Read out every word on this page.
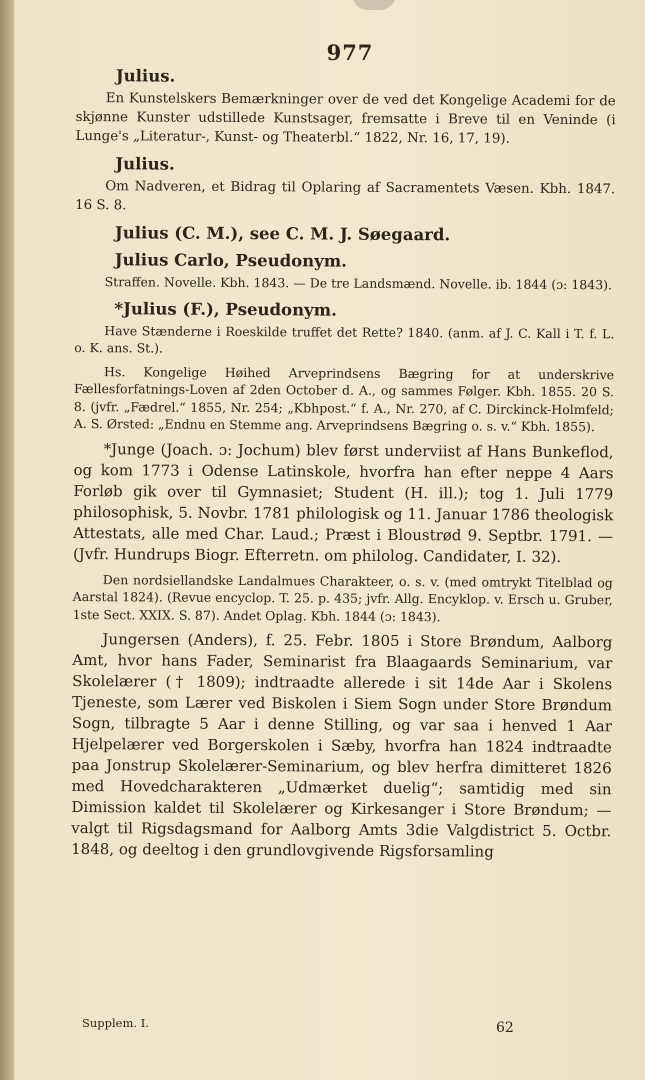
977
Julius.
En Kunstelskers Bemærkninger over de ved det Kongelige Academi for de skjønne Kunster udstillede Kunstsager, fremsatte i Breve til en Veninde (i Lunge's „Literatur-, Kunst- og Theaterbl.“ 1822, Nr. 16, 17, 19).
Julius.
Om Nadveren, et Bidrag til Oplaring af Sacramentets Væsen. Kbh. 1847. 16 S. 8.
Julius (C. M.), see C. M. J. Søegaard.
Julius Carlo, Pseudonym.
Straffen. Novelle. Kbh. 1843. — De tre Landsmænd. Novelle. ib. 1844 (ɔ: 1843).
*Julius (F.), Pseudonym.
Have Stænderne i Roeskilde truffet det Rette? 1840. (anm. af J. C. Kall i T. f. L. o. K. ans. St.).
Hs. Kongelige Høihed Arveprindsens Bægring for at underskrive Fællesforfatnings-Loven af 2den October d. A., og sammes Følger. Kbh. 1855. 20 S. 8. (jvfr. „Fædrel.“ 1855, Nr. 254; „Kbhpost.“ f. A., Nr. 270, af C. Dirckinck-Holmfeld; A. S. Ørsted: „Endnu en Stemme ang. Arveprindsens Bægring o. s. v.“ Kbh. 1855).
*Junge (Joach. ɔ: Jochum) blev først underviist af Hans Bunkeflod, og kom 1773 i Odense Latinskole, hvorfra han efter neppe 4 Aars Forløb gik over til Gymnasiet; Student (H. ill.); tog 1. Juli 1779 philosophisk, 5. Novbr. 1781 philologisk og 11. Januar 1786 theologisk Attestats, alle med Char. Laud.; Præst i Bloustrød 9. Septbr. 1791. — (Jvfr. Hundrups Biogr. Efterretn. om philolog. Candidater, I. 32).
Den nordsiellandske Landalmues Charakteer, o. s. v. (med omtrykt Titelblad og Aarstal 1824). (Revue encyclop. T. 25. p. 435; jvfr. Allg. Encyklop. v. Ersch u. Gruber, 1ste Sect. XXIX. S. 87). Andet Oplag. Kbh. 1844 (ɔ: 1843).
Jungersen (Anders), f. 25. Febr. 1805 i Store Brøndum, Aalborg Amt, hvor hans Fader, Seminarist fra Blaagaards Seminarium, var Skolelærer († 1809); indtraadte allerede i sit 14de Aar i Skolens Tjeneste, som Lærer ved Biskolen i Siem Sogn under Store Brøndum Sogn, tilbragte 5 Aar i denne Stilling, og var saa i henved 1 Aar Hjelpelærer ved Borgerskolen i Sæby, hvorfra han 1824 indtraadte paa Jonstrup Skolelærer-Seminarium, og blev herfra dimitteret 1826 med Hovedcharakteren „Udmærket duelig“; samtidig med sin Dimission kaldet til Skolelærer og Kirkesanger i Store Brøndum; — valgt til Rigsdagsmand for Aalborg Amts 3die Valgdistrict 5. Octbr. 1848, og deeltog i den grundlovgivende Rigsforsamling
Supplem. I.	62
